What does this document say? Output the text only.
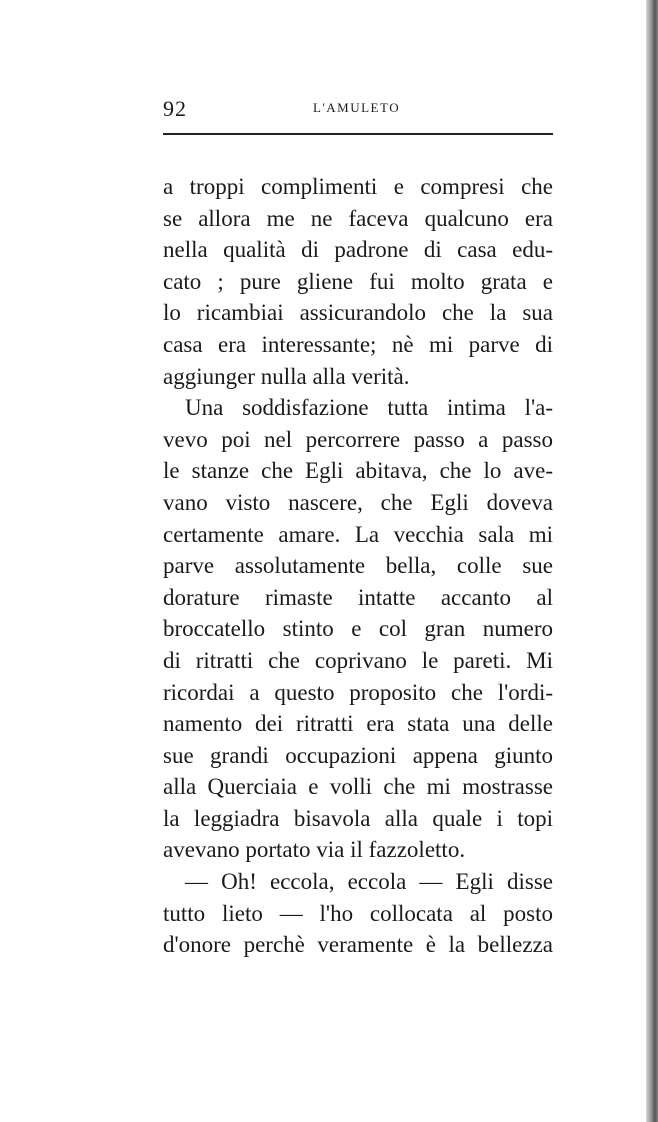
92	L'AMULETO
a troppi complimenti e compresi che
se allora me ne faceva qualcuno era
nella qualità di padrone di casa edu-
cato ; pure gliene fui molto grata e
lo ricambiai assicurandolo che la sua
casa era interessante; nè mi parve di
aggiunger nulla alla verità.
Una soddisfazione tutta intima l'a-
vevo poi nel percorrere passo a passo
le stanze che Egli abitava, che lo ave-
vano visto nascere, che Egli doveva
certamente amare. La vecchia sala mi
parve assolutamente bella, colle sue
dorature rimaste intatte accanto al
broccatello stinto e col gran numero
di ritratti che coprivano le pareti. Mi
ricordai a questo proposito che l'ordi-
namento dei ritratti era stata una delle
sue grandi occupazioni appena giunto
alla Querciaia e volli che mi mostrasse
la leggiadra bisavola alla quale i topi
avevano portato via il fazzoletto.
— Oh! eccola, eccola — Egli disse
tutto lieto — l'ho collocata al posto
d'onore perchè veramente è la bellezza
